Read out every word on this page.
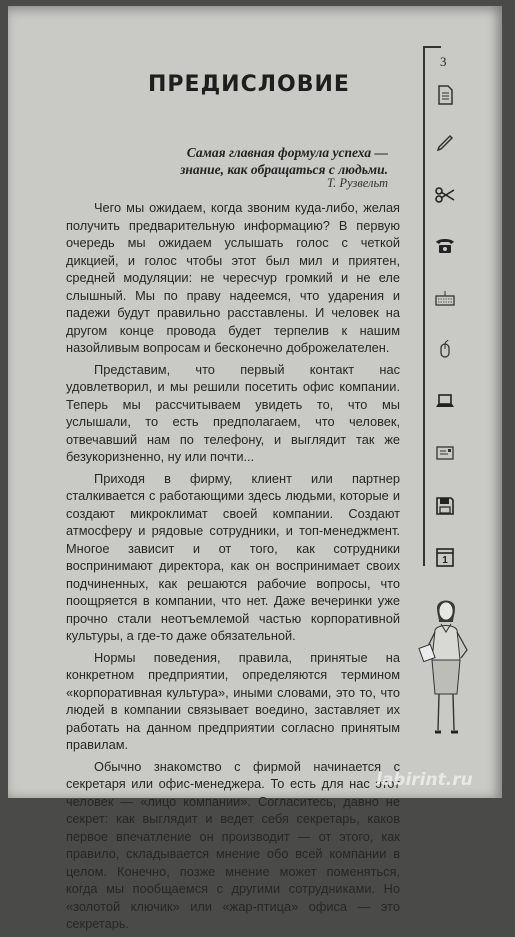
3
ПРЕДИСЛОВИЕ
Самая главная формула успеха —
знание, как обращаться с людьми.
Т. Рузвельт

Чего мы ожидаем, когда звоним куда-либо, желая получить предварительную информацию? В первую очередь мы ожидаем услышать голос с четкой дикцией, и голос чтобы этот был мил и приятен, средней модуляции: не чересчур громкий и не еле слышный. Мы по праву надеемся, что ударения и падежи будут правильно расставлены. И человек на другом конце провода будет терпелив к нашим назойливым вопросам и бесконечно доброжелателен.

Представим, что первый контакт нас удовлетворил, и мы решили посетить офис компании. Теперь мы рассчитываем увидеть то, что мы услышали, то есть предполагаем, что человек, отвечавший нам по телефону, и выглядит так же безукоризненно, ну или почти...

Приходя в фирму, клиент или партнер сталкивается с работающими здесь людьми, которые и создают микроклимат своей компании. Создают атмосферу и рядовые сотрудники, и топ-менеджмент. Многое зависит и от того, как сотрудники воспринимают директора, как он воспринимает своих подчиненных, как решаются рабочие вопросы, что поощряется в компании, что нет. Даже вечеринки уже прочно стали неотъемлемой частью корпоративной культуры, а где-то даже обязательной.

Нормы поведения, правила, принятые на конкретном предприятии, определяются термином «корпоративная культура», иными словами, это то, что людей в компании связывает воедино, заставляет их работать на данном предприятии согласно принятым правилам.

Обычно знакомство с фирмой начинается с секретаря или офис-менеджера. То есть для нас этот человек — «лицо компании». Согласитесь, давно не секрет: как выглядит и ведет себя секретарь, каков первое впечатление он производит — от этого, как правило, складывается мнение обо всей компании в целом. Конечно, позже мнение может поменяться, когда мы пообщаемся с другими сотрудниками. Но «золотой ключик» или «жар-птица» офиса — это секретарь.

1
labirint.ru
